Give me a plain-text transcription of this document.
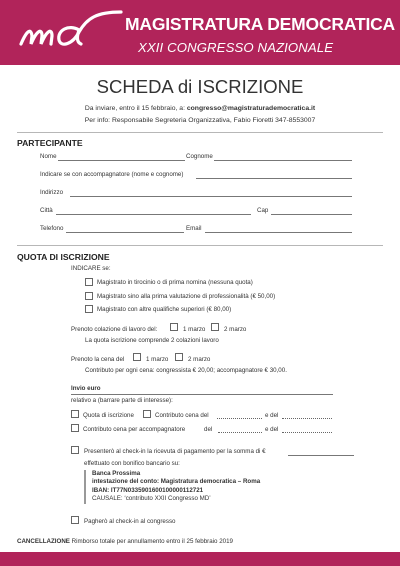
MAGISTRATURA DEMOCRATICA
XXII CONGRESSO NAZIONALE
SCHEDA di ISCRIZIONE
Da inviare, entro il 15 febbraio, a: congresso@magistraturademocratica.it
Per info: Responsabile Segreteria Organizzativa, Fabio Fioretti 347-8553007
PARTECIPANTE
Nome	Cognome
Indicare se con accompagnatore (nome e cognome)
Indirizzo
Città	Cap
Telefono	Email
QUOTA DI ISCRIZIONE
INDICARE se:
Magistrato in tirocinio o di prima nomina (nessuna quota)
Magistrato sino alla prima valutazione di professionalità (€ 50,00)
Magistrato con altre qualifiche superiori (€ 80,00)
Prenoto colazione di lavoro del:	1 marzo	2 marzo
La quota iscrizione comprende 2 colazioni lavoro
Prenoto la cena del	1 marzo	2 marzo
Contributo per ogni cena: congressista € 20,00; accompagnatore € 30,00.
Invio euro
relativo a (barrare parte di interesse):
Quota di iscrizione	Contributo cena del	e del
Contributo cena per accompagnatore	del	e del
Presenterò al check-in la ricevuta di pagamento per la somma di €
effettuato con bonifico bancario su:
Banca Prossima
intestazione del conto: Magistratura democratica – Roma
IBAN: IT77N0335901600100000112721
CAUSALE: ‘contributo XXII Congresso MD’
Pagherò al check-in al congresso
CANCELLAZIONE Rimborso totale per annullamento entro il 25 febbraio 2019
